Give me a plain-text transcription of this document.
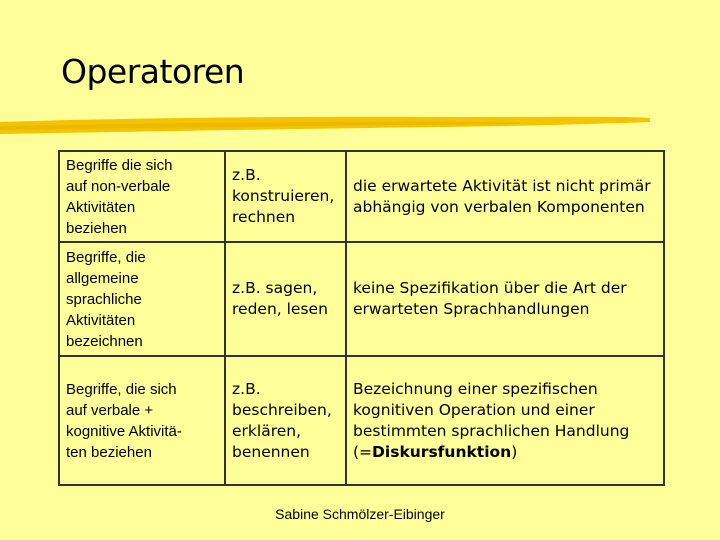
Operatoren
Begriffe die sich
auf non-verbale
Aktivitäten
beziehen	z.B.
konstruieren,
rechnen	die erwartete Aktivität ist nicht primär
abhängig von verbalen Komponenten

Begriffe, die
allgemeine
sprachliche
Aktivitäten
bezeichnen	z.B. sagen,
reden, lesen	keine Spezifikation über die Art der
erwarteten Sprachhandlungen

Begriffe, die sich
auf verbale +
kognitive Aktivitä-
ten beziehen	z.B.
beschreiben,
erklären,
benennen	Bezeichnung einer spezifischen
kognitiven Operation und einer
bestimmten sprachlichen Handlung
(=Diskursfunktion)
Sabine Schmölzer-Eibinger
